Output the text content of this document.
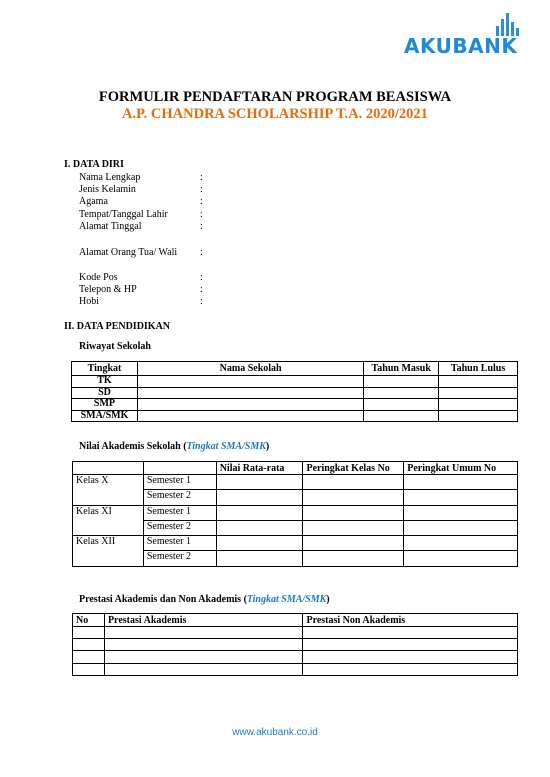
AKUBANK
FORMULIR PENDAFTARAN PROGRAM BEASISWA
A.P. CHANDRA SCHOLARSHIP T.A. 2020/2021
I. DATA DIRI
Nama Lengkap	:
Jenis Kelamin	:
Agama	:
Tempat/Tanggal Lahir	:
Alamat Tinggal	:
Alamat Orang Tua/ Wali :
Kode Pos	:
Telepon & HP	:
Hobi	:
II. DATA PENDIDIKAN
Riwayat Sekolah
Tingkat	Nama Sekolah	Tahun Masuk	Tahun Lulus
TK			
SD			
SMP			
SMA/SMK			
Nilai Akademis Sekolah (Tingkat SMA/SMK)
		Nilai Rata-rata	Peringkat Kelas No	Peringkat Umum No
Kelas X	Semester 1			
	Semester 2			
Kelas XI	Semester 1			
	Semester 2			
Kelas XII	Semester 1			
	Semester 2			
Prestasi Akademis dan Non Akademis (Tingkat SMA/SMK)
No	Prestasi Akademis	Prestasi Non Akademis

www.akubank.co.id
